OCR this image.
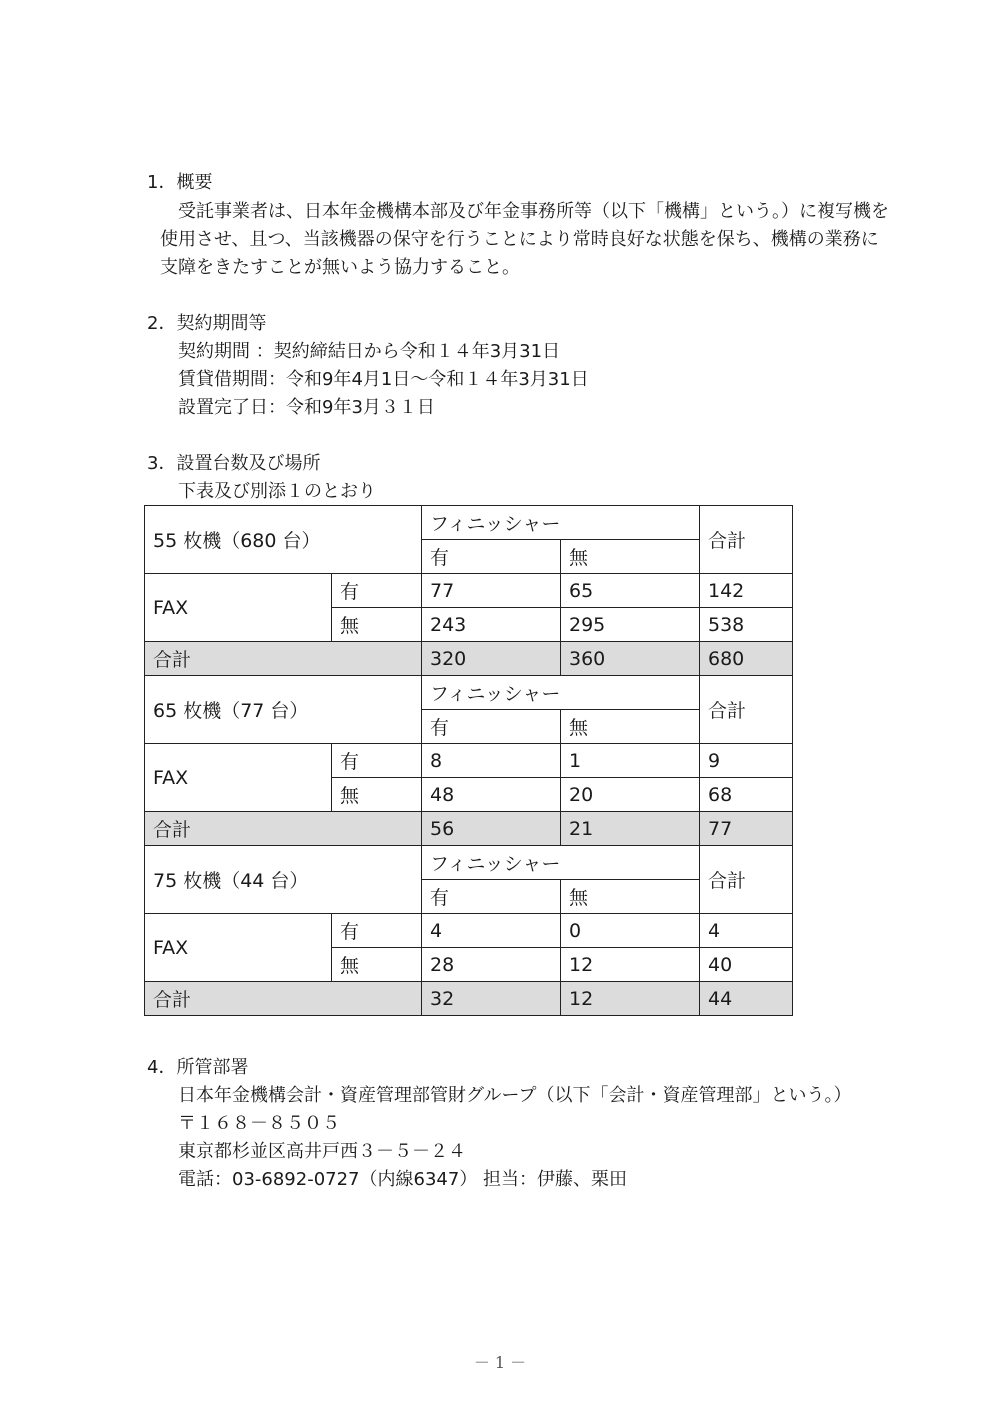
1．概要
受託事業者は、日本年金機構本部及び年金事務所等（以下「機構」という。）に複写機を
使用させ、且つ、当該機器の保守を行うことにより常時良好な状態を保ち、機構の業務に
支障をきたすことが無いよう協力すること。
2．契約期間等
契約期間 ：契約締結日から令和１４年3月31日
賃貸借期間：令和9年4月1日～令和１４年3月31日
設置完了日：令和9年3月３１日
3．設置台数及び場所
下表及び別添１のとおり
55 枚機（680 台）		フィニッシャー		合計
		有	無	
FAX	有	77	65	142
	無	243	295	538
合計		320	360	680
65 枚機（77 台）		フィニッシャー		合計
		有	無	
FAX	有	8	1	9
	無	48	20	68
合計		56	21	77
75 枚機（44 台）		フィニッシャー		合計
		有	無	
FAX	有	4	0	4
	無	28	12	40
合計		32	12	44
4．所管部署
日本年金機構会計・資産管理部管財グループ（以下「会計・資産管理部」という。）
〒１６８－８５０５
東京都杉並区高井戸西３－５－２４
電話：03-6892-0727（内線6347） 担当：伊藤、栗田
－ 1 －
